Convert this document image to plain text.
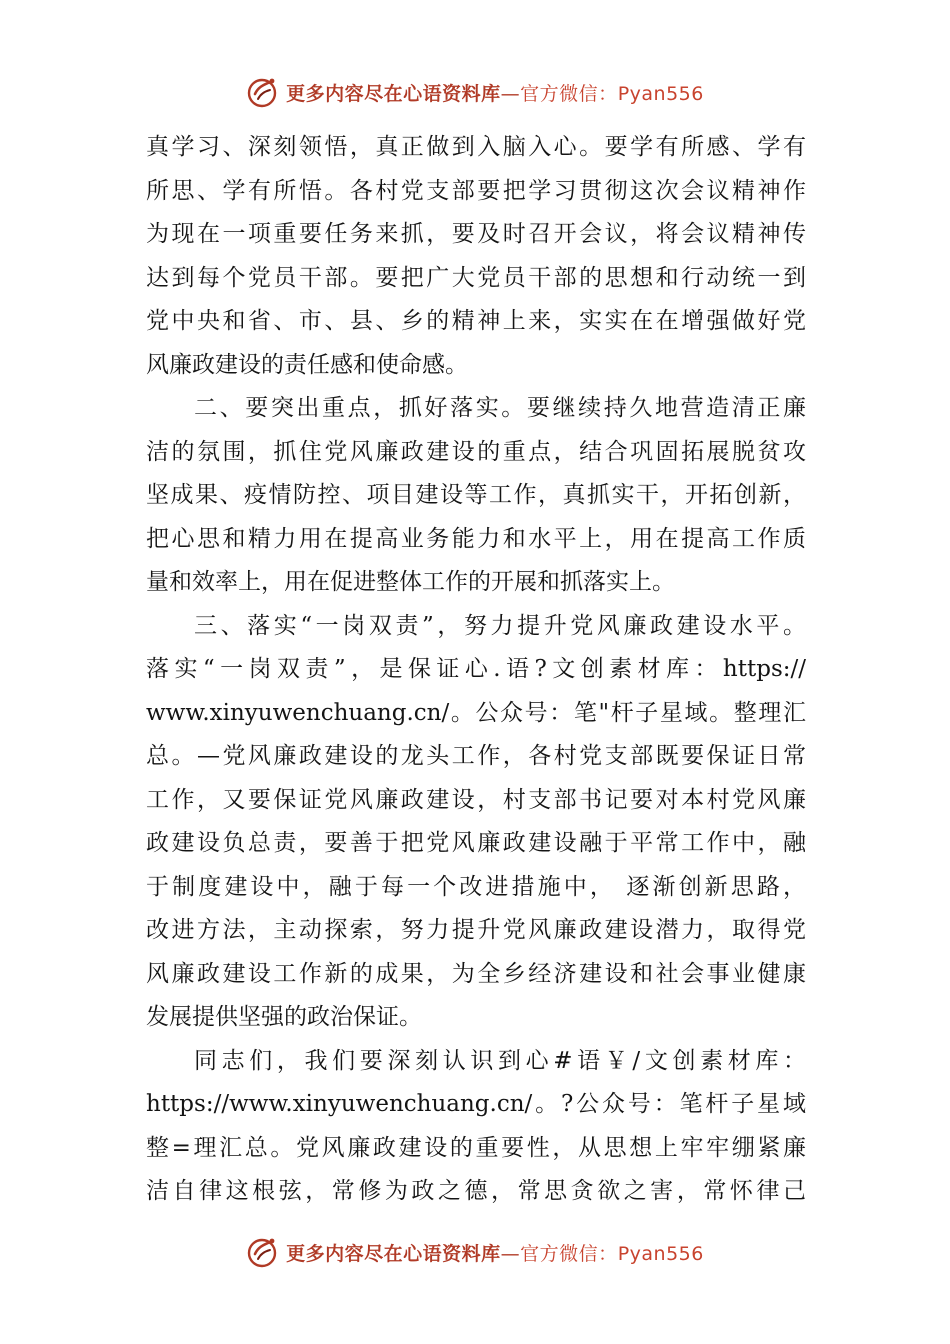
更多内容尽在心语资料库—官方微信：Pyan556
真学习、深刻领悟，真正做到入脑入心。要学有所感、学有
所思、学有所悟。各村党支部要把学习贯彻这次会议精神作
为现在一项重要任务来抓，要及时召开会议，将会议精神传
达到每个党员干部。要把广大党员干部的思想和行动统一到
党中央和省、市、县、乡的精神上来，实实在在增强做好党
风廉政建设的责任感和使命感。
二、要突出重点，抓好落实。要继续持久地营造清正廉
洁的氛围，抓住党风廉政建设的重点，结合巩固拓展脱贫攻
坚成果、疫情防控、项目建设等工作，真抓实干，开拓创新，
把心思和精力用在提高业务能力和水平上，用在提高工作质
量和效率上，用在促进整体工作的开展和抓落实上。
三、落实“一岗双责”，努力提升党风廉政建设水平。
落实“一岗双责”，是保证心.语?文创素材库：https://
www.xinyuwenchuang.cn/。公众号：笔"杆子星域。整理汇
总。—党风廉政建设的龙头工作，各村党支部既要保证日常
工作，又要保证党风廉政建设，村支部书记要对本村党风廉
政建设负总责，要善于把党风廉政建设融于平常工作中，融
于制度建设中，融于每一个改进措施中， 逐渐创新思路，
改进方法，主动探索，努力提升党风廉政建设潜力，取得党
风廉政建设工作新的成果，为全乡经济建设和社会事业健康
发展提供坚强的政治保证。
同志们，我们要深刻认识到心#语￥/文创素材库：
https://www.xinyuwenchuang.cn/。?公众号：笔杆子星域
整=理汇总。党风廉政建设的重要性，从思想上牢牢绷紧廉
洁自律这根弦，常修为政之德，常思贪欲之害，常怀律己
更多内容尽在心语资料库—官方微信：Pyan556
